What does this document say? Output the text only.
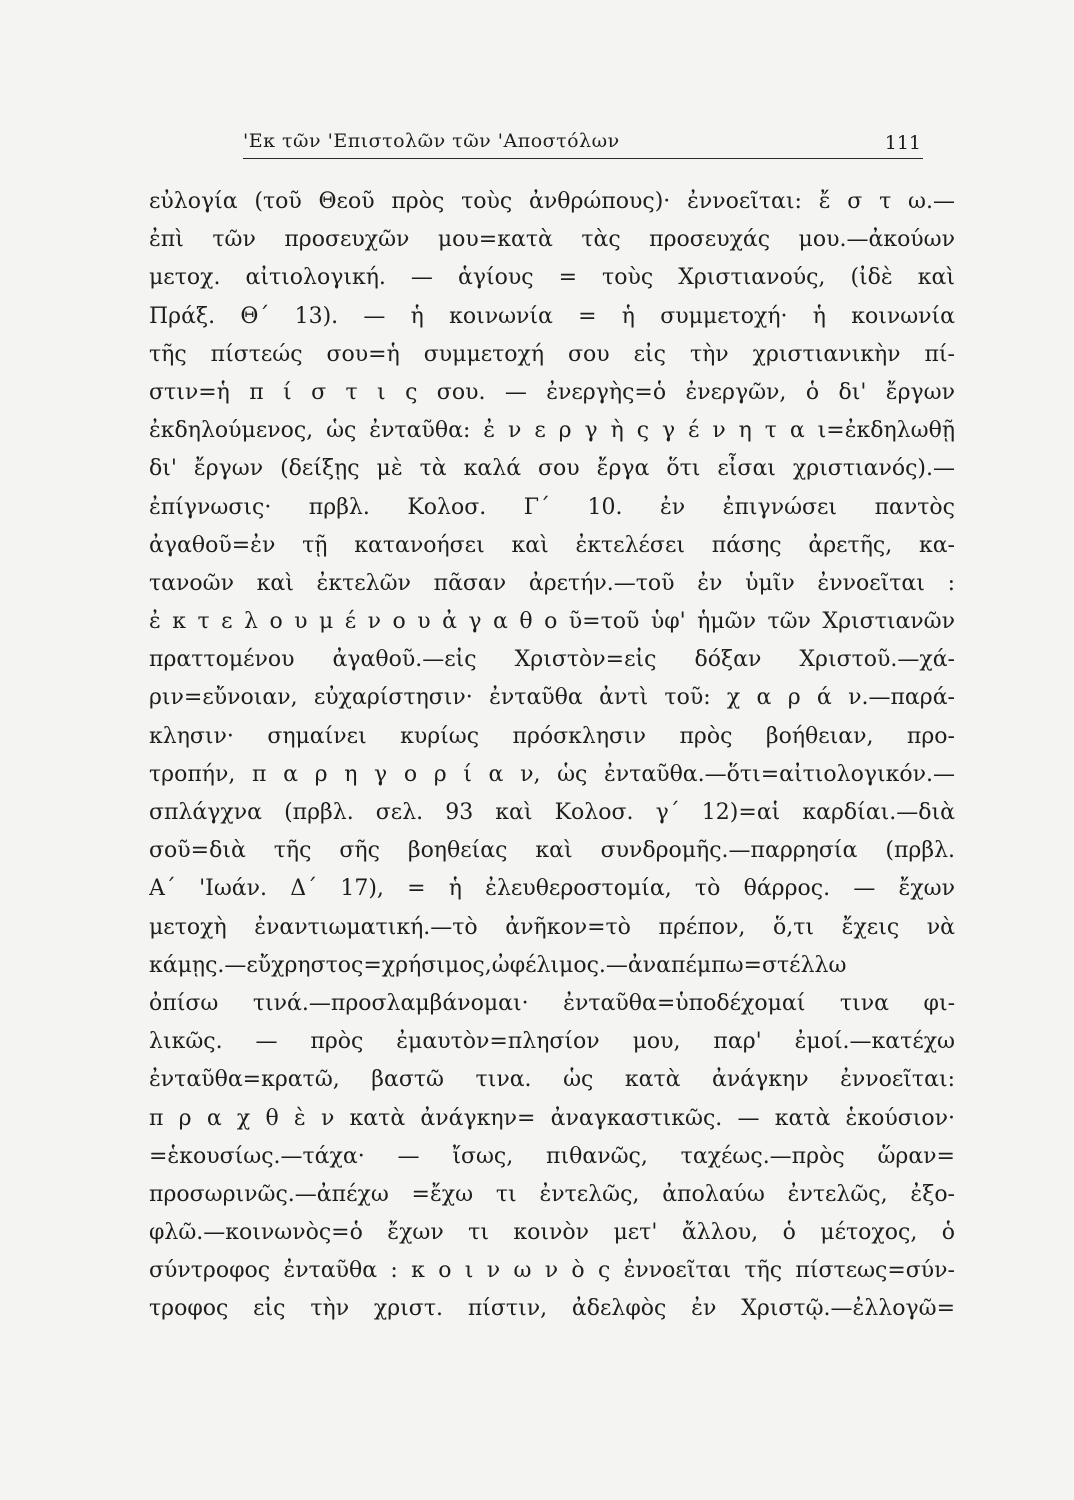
'Εκ τῶν 'Επιστολῶν τῶν 'Αποστόλων	111
εὐλογία (τοῦ Θεοῦ πρὸς τοὺς ἀνθρώπους)· ἐννοεῖται: ἔ σ τ ω.—
ἐπὶ τῶν προσευχῶν μου=κατὰ τὰς προσευχάς μου.—ἀκούων
μετοχ. αἰτιολογική. — ἁγίους = τοὺς Χριστιανούς, (ἰδὲ καὶ
Πράξ. Θ΄ 13). — ἡ κοινωνία = ἡ συμμετοχή· ἡ κοινωνία
τῆς πίστεώς σου=ἡ συμμετοχή σου εἰς τὴν χριστιανικὴν πί-
στιν=ἡ π ί σ τ ι ς σου. — ἐνεργὴς=ὁ ἐνεργῶν, ὁ δι' ἔργων
ἐκδηλούμενος, ὡς ἐνταῦθα: ἐ ν ε ρ γ ὴ ς γ έ ν η τ α ι=ἐκδηλωθῇ
δι' ἔργων (δείξῃς μὲ τὰ καλά σου ἔργα ὅτι εἶσαι χριστιανός).—
ἐπίγνωσις· πρβλ. Κολοσ. Γ΄ 10. ἐν ἐπιγνώσει παντὸς
ἀγαθοῦ=ἐν τῇ κατανοήσει καὶ ἐκτελέσει πάσης ἀρετῆς, κα-
τανοῶν καὶ ἐκτελῶν πᾶσαν ἀρετήν.—τοῦ ἐν ὑμῖν ἐννοεῖται :
ἐ κ τ ε λ ο υ μ έ ν ο υ ἀ γ α θ ο ῦ=τοῦ ὑφ' ἡμῶν τῶν Χριστιανῶν
πραττομένου ἀγαθοῦ.—εἰς Χριστὸν=εἰς δόξαν Χριστοῦ.—χά-
ριν=εὔνοιαν, εὐχαρίστησιν· ἐνταῦθα ἀντὶ τοῦ: χ α ρ ά ν.—παρά-
κλησιν· σημαίνει κυρίως πρόσκλησιν πρὸς βοήθειαν, προ-
τροπήν, π α ρ η γ ο ρ ί α ν, ὡς ἐνταῦθα.—ὅτι=αἰτιολογικόν.—
σπλάγχνα (πρβλ. σελ. 93 καὶ Κολοσ. γ΄ 12)=αἱ καρδίαι.—διὰ
σοῦ=διὰ τῆς σῆς βοηθείας καὶ συνδρομῆς.—παρρησία (πρβλ.
Α΄ 'Ιωάν. Δ΄ 17), = ἡ ἐλευθεροστομία, τὸ θάρρος. — ἔχων
μετοχὴ ἐναντιωματική.—τὸ ἀνῆκον=τὸ πρέπον, ὅ,τι ἔχεις νὰ
κάμῃς.—εὔχρηστος=χρήσιμος,ὠφέλιμος.—ἀναπέμπω=στέλλω
ὀπίσω τινά.—προσλαμβάνομαι· ἐνταῦθα=ὑποδέχομαί τινα φι-
λικῶς. — πρὸς ἐμαυτὸν=πλησίον μου, παρ' ἐμοί.—κατέχω
ἐνταῦθα=κρατῶ, βαστῶ τινα. ὡς κατὰ ἀνάγκην ἐννοεῖται:
π ρ α χ θ ὲ ν κατὰ ἀνάγκην= ἀναγκαστικῶς. — κατὰ ἑκούσιον·
=ἑκουσίως.—τάχα· — ἴσως, πιθανῶς, ταχέως.—πρὸς ὥραν=
προσωρινῶς.—ἀπέχω =ἔχω τι ἐντελῶς, ἀπολαύω ἐντελῶς, ἐξο-
φλῶ.—κοινωνὸς=ὁ ἔχων τι κοινὸν μετ' ἄλλου, ὁ μέτοχος, ὁ
σύντροφος ἐνταῦθα : κ ο ι ν ω ν ὸ ς ἐννοεῖται τῆς πίστεως=σύν-
τροφος εἰς τὴν χριστ. πίστιν, ἀδελφὸς ἐν Χριστῷ.—ἐλλογῶ=
